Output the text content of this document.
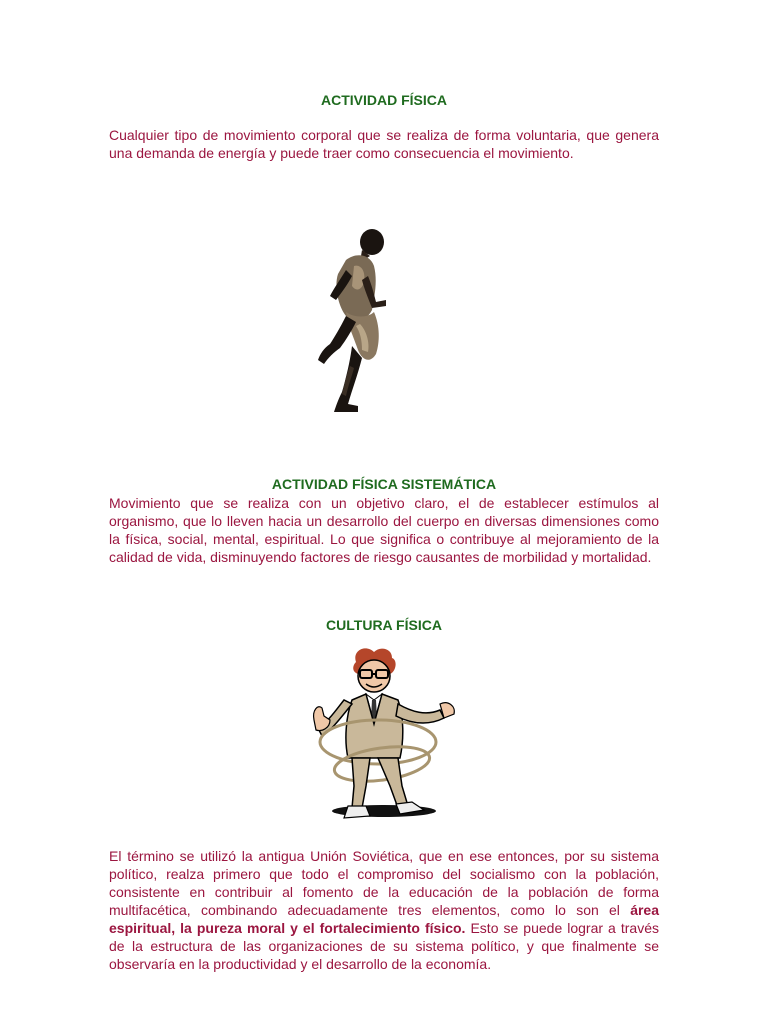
ACTIVIDAD FÍSICA
Cualquier tipo de movimiento corporal que se realiza de forma voluntaria, que genera una demanda de energía y puede traer como consecuencia el movimiento.
ACTIVIDAD FÍSICA SISTEMÁTICA
Movimiento que se realiza con un objetivo claro, el de establecer estímulos al organismo, que lo lleven hacia un desarrollo del cuerpo en diversas dimensiones como la física, social, mental, espiritual. Lo que significa o contribuye al mejoramiento de la calidad de vida, disminuyendo factores de riesgo causantes de morbilidad y mortalidad.
CULTURA FÍSICA
El término se utilizó la antigua Unión Soviética, que en ese entonces, por su sistema político, realza primero que todo el compromiso del socialismo con la población, consistente en contribuir al fomento de la educación de la población de forma multifacética, combinando adecuadamente tres elementos, como lo son el área espiritual, la pureza moral y el fortalecimiento físico. Esto se puede lograr a través de la estructura de las organizaciones de su sistema político, y que finalmente se observaría en la productividad y el desarrollo de la economía.
